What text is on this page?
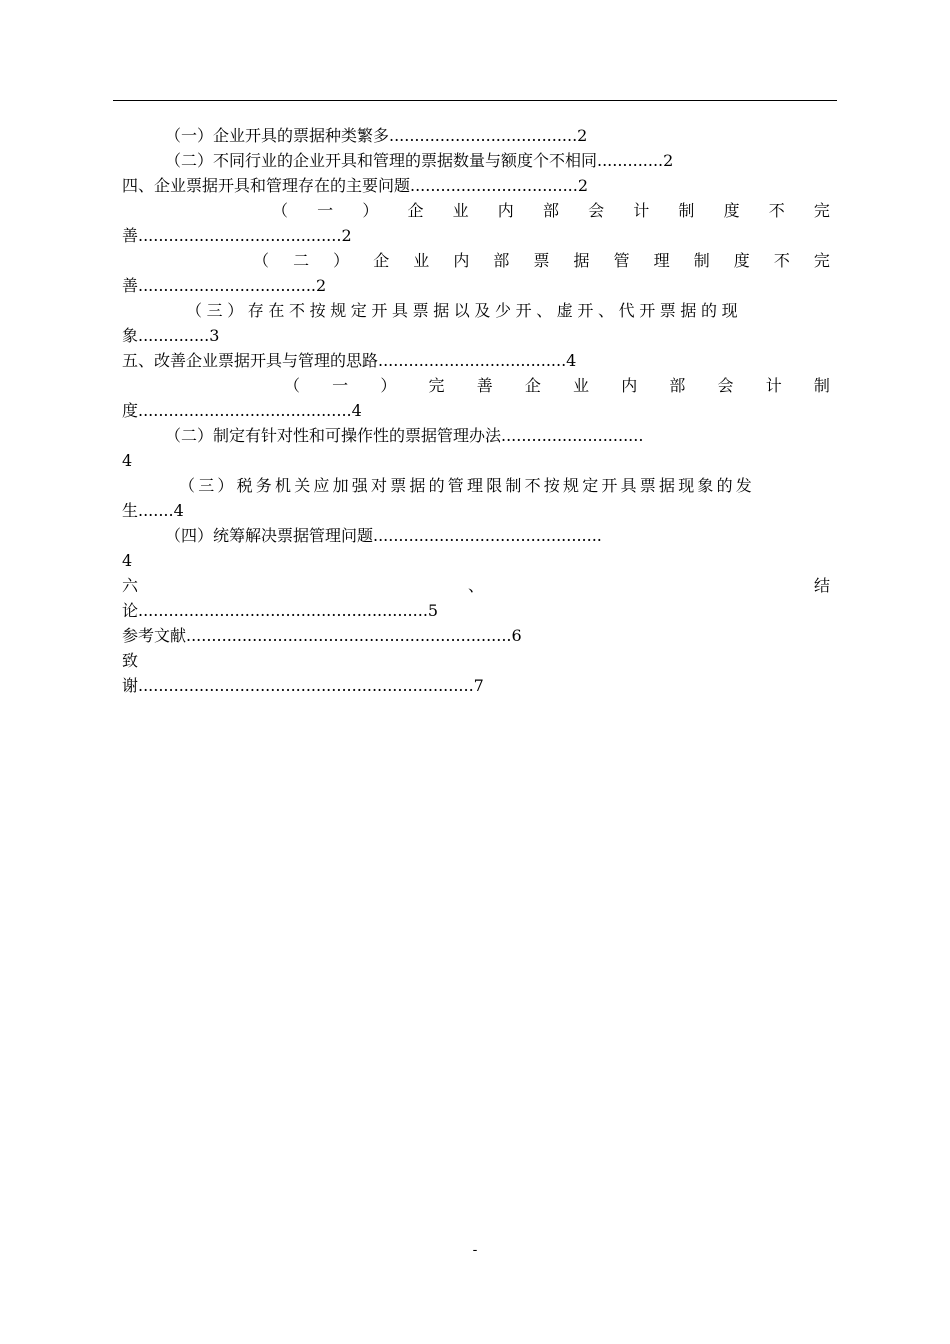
（一）企业开具的票据种类繁多.....................................2
（二）不同行业的企业开具和管理的票据数量与额度个不相同.............2
四、企业票据开具和管理存在的主要问题.................................2
（ 一 ） 企 业 内 部 会 计 制 度 不 完
善........................................2
（ 二 ） 企 业 内 部 票 据 管 理 制 度 不 完
善...................................2
（三）存在不按规定开具票据以及少开、虚开、代开票据的现
象..............3
五、改善企业票据开具与管理的思路.....................................4
（ 一 ） 完 善 企 业 内 部 会 计 制
度..........................................4
（二）制定有针对性和可操作性的票据管理办法............................
4
（三）税务机关应加强对票据的管理限制不按规定开具票据现象的发
生.......4
（四）统筹解决票据管理问题.............................................
4
六	、	结
论.........................................................5
参考文献................................................................6
致
谢..................................................................7
-
